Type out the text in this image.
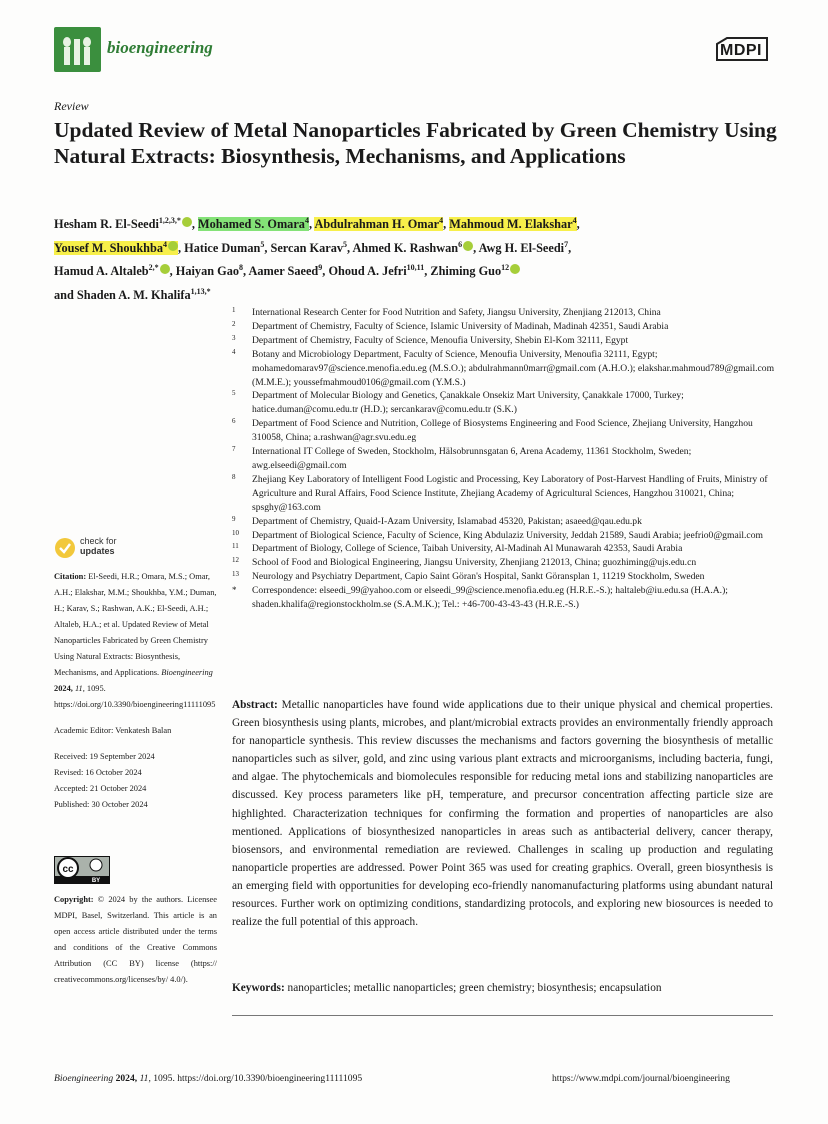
bioengineering	MDPI
Review
Updated Review of Metal Nanoparticles Fabricated by Green Chemistry Using Natural Extracts: Biosynthesis, Mechanisms, and Applications
Hesham R. El-Seedi$^{1,2,3,*}$ , Mohamed S. Omara$^4$, Abdulrahman H. Omar$^4$, Mahmoud M. Elakshar$^4$,
Yousef M. Shoukhba$^4$ , Hatice Duman$^5$, Sercan Karav$^5$, Ahmed K. Rashwan$^6$ , Awg H. El-Seedi$^7$,
Hamud A. Altaleb$^{2,*}$ , Haiyan Gao$^8$, Aamer Saeed$^9$, Ohoud A. Jefri$^{10,11}$, Zhiming Guo$^{12}$
and Shaden A. M. Khalifa$^{1,13,*}$
1 International Research Center for Food Nutrition and Safety, Jiangsu University, Zhenjiang 212013, China
2 Department of Chemistry, Faculty of Science, Islamic University of Madinah, Madinah 42351, Saudi Arabia
3 Department of Chemistry, Faculty of Science, Menoufia University, Shebin El-Kom 32111, Egypt
4 Botany and Microbiology Department, Faculty of Science, Menoufia University, Menoufia 32111, Egypt; mohamedomarav97@science.menofia.edu.eg (M.S.O.); abdulrahmann0marr@gmail.com (A.H.O.); elakshar.mahmoud789@gmail.com (M.M.E.); youssefmahmoud0106@gmail.com (Y.M.S.)
5 Department of Molecular Biology and Genetics, Çanakkale Onsekiz Mart University, Çanakkale 17000, Turkey; hatice.duman@comu.edu.tr (H.D.); sercankarav@comu.edu.tr (S.K.)
6 Department of Food Science and Nutrition, College of Biosystems Engineering and Food Science, Zhejiang University, Hangzhou 310058, China; a.rashwan@agr.svu.edu.eg
7 International IT College of Sweden, Stockholm, Hälsobrunnsgatan 6, Arena Academy, 11361 Stockholm, Sweden; awg.elseedi@gmail.com
8 Zhejiang Key Laboratory of Intelligent Food Logistic and Processing, Key Laboratory of Post-Harvest Handling of Fruits, Ministry of Agriculture and Rural Affairs, Food Science Institute, Zhejiang Academy of Agricultural Sciences, Hangzhou 310021, China; spsghy@163.com
9 Department of Chemistry, Quaid-I-Azam University, Islamabad 45320, Pakistan; asaeed@qau.edu.pk
10 Department of Biological Science, Faculty of Science, King Abdulaziz University, Jeddah 21589, Saudi Arabia; jeefrio0@gmail.com
11 Department of Biology, College of Science, Taibah University, Al-Madinah Al Munawarah 42353, Saudi Arabia
12 School of Food and Biological Engineering, Jiangsu University, Zhenjiang 212013, China; guozhiming@ujs.edu.cn
13 Neurology and Psychiatry Department, Capio Saint Göran's Hospital, Sankt Göransplan 1, 11219 Stockholm, Sweden
* Correspondence: elseedi_99@yahoo.com or elseedi_99@science.menofia.edu.eg (H.R.E.-S.); haltaleb@iu.edu.sa (H.A.A.); shaden.khalifa@regionstockholm.se (S.A.M.K.); Tel.: +46-700-43-43-43 (H.R.E.-S.)
check for
updates

Citation: El-Seedi, H.R.; Omara, M.S.; Omar, A.H.; Elakshar, M.M.; Shoukhba, Y.M.; Duman, H.; Karav, S.; Rashwan, A.K.; El-Seedi, A.H.; Altaleb, H.A.; et al. Updated Review of Metal Nanoparticles Fabricated by Green Chemistry Using Natural Extracts: Biosynthesis, Mechanisms, and Applications. Bioengineering 2024, 11, 1095. https://doi.org/10.3390/bioengineering11111095

Academic Editor: Venkatesh Balan

Received: 19 September 2024

Revised: 16 October 2024

Accepted: 21 October 2024

Published: 30 October 2024

cc
BY
Copyright: © 2024 by the authors. Licensee MDPI, Basel, Switzerland. This article is an open access article distributed under the terms and conditions of the Creative Commons Attribution (CC BY) license (https:// creativecommons.org/licenses/by/ 4.0/).
Abstract: Metallic nanoparticles have found wide applications due to their unique physical and chemical properties. Green biosynthesis using plants, microbes, and plant/microbial extracts provides an environmentally friendly approach for nanoparticle synthesis. This review discusses the mechanisms and factors governing the biosynthesis of metallic nanoparticles such as silver, gold, and zinc using various plant extracts and microorganisms, including bacteria, fungi, and algae. The phytochemicals and biomolecules responsible for reducing metal ions and stabilizing nanoparticles are discussed. Key process parameters like pH, temperature, and precursor concentration affecting particle size are highlighted. Characterization techniques for confirming the formation and properties of nanoparticles are also mentioned. Applications of biosynthesized nanoparticles in areas such as antibacterial delivery, cancer therapy, biosensors, and environmental remediation are reviewed. Challenges in scaling up production and regulating nanoparticle properties are addressed. Power Point 365 was used for creating graphics. Overall, green biosynthesis is an emerging field with opportunities for developing eco-friendly nanomanufacturing platforms using abundant natural resources. Further work on optimizing conditions, standardizing protocols, and exploring new biosources is needed to realize the full potential of this approach.
Keywords: nanoparticles; metallic nanoparticles; green chemistry; biosynthesis; encapsulation
Bioengineering 2024, 11, 1095. https://doi.org/10.3390/bioengineering11111095	https://www.mdpi.com/journal/bioengineering
